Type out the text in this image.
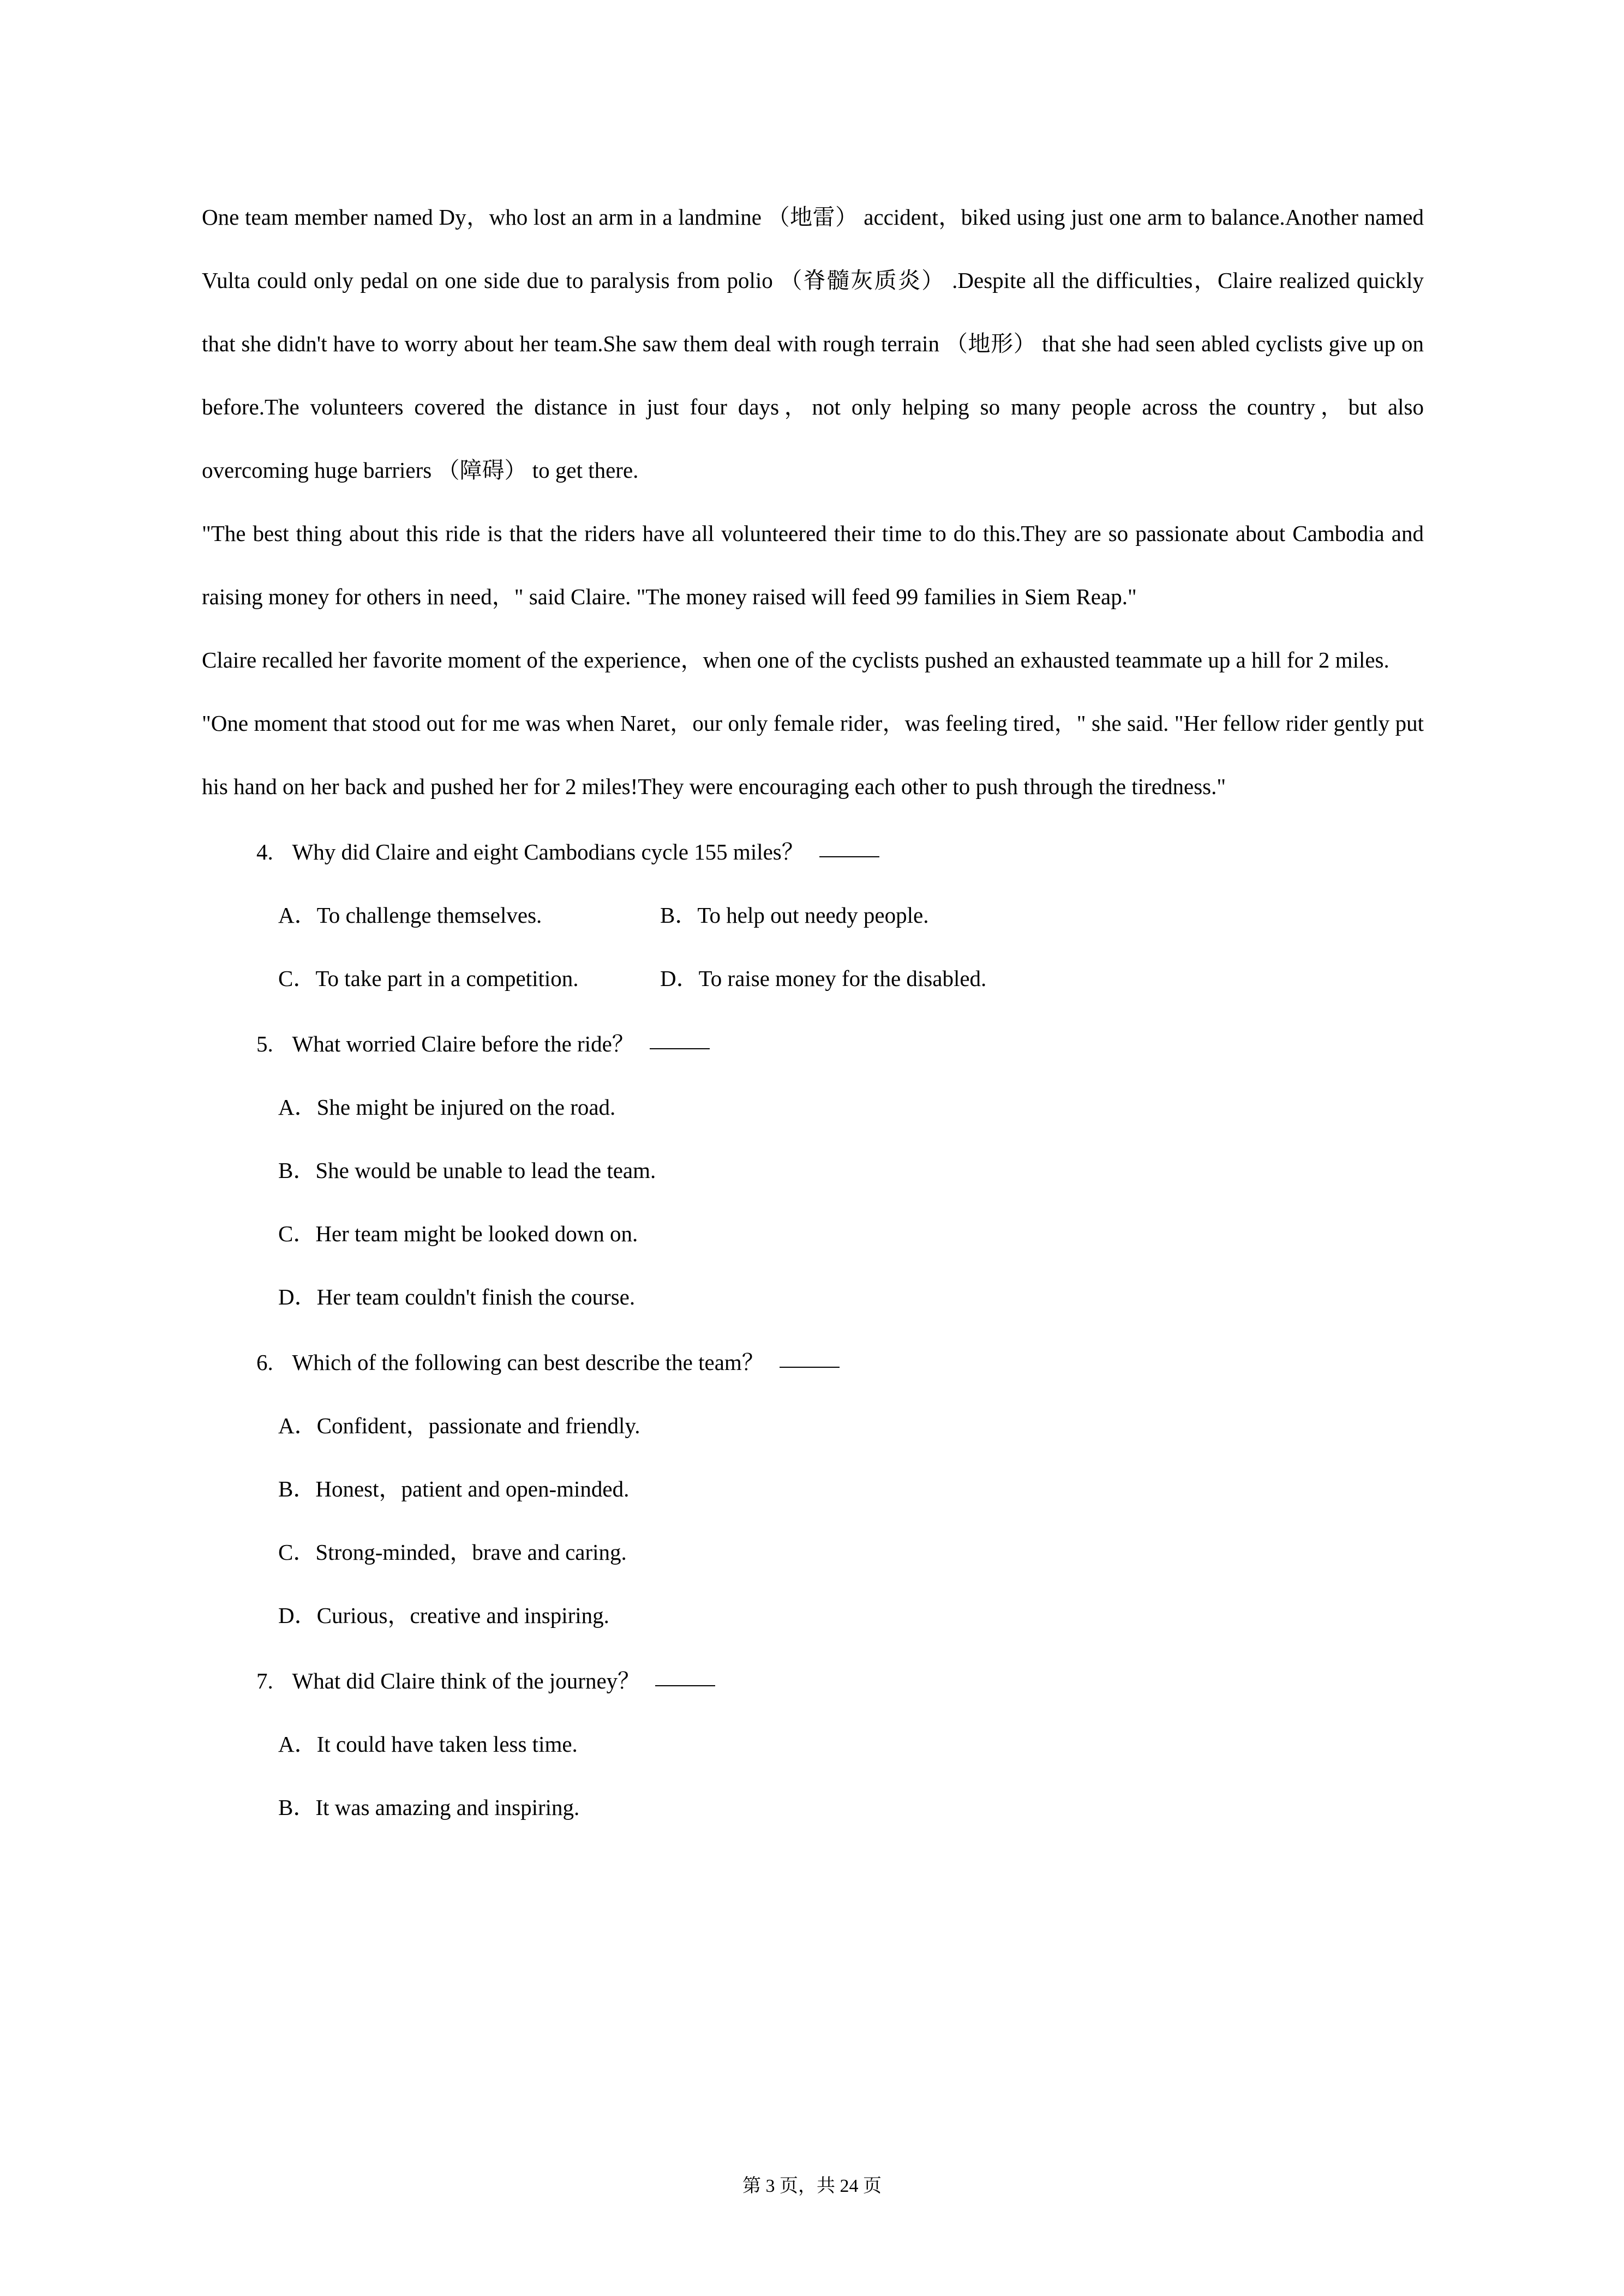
One team member named Dy，who lost an arm in a landmine （地雷） accident，biked using just one arm to balance.Another named Vulta could only pedal on one side due to paralysis from polio （脊髓灰质炎） .Despite all the difficulties，Claire realized quickly that she didn't have to worry about her team.She saw them deal with rough terrain （地形） that she had seen abled cyclists give up on before.The volunteers covered the distance in just four days，not only helping so many people across the country，but also overcoming huge barriers （障碍） to get there.

"The best thing about this ride is that the riders have all volunteered their time to do this.They are so passionate about Cambodia and raising money for others in need，" said Claire. "The money raised will feed 99 families in Siem Reap."

Claire recalled her favorite moment of the experience，when one of the cyclists pushed an exhausted teammate up a hill for 2 miles.

"One moment that stood out for me was when Naret，our only female rider，was feeling tired，" she said. "Her fellow rider gently put his hand on her back and pushed her for 2 miles!They were encouraging each other to push through the tiredness."

4. Why did Claire and eight Cambodians cycle 155 miles？

A．To challenge themselves.	B．To help out needy people.
C．To take part in a competition.	D．To raise money for the disabled.

5. What worried Claire before the ride？

A．She might be injured on the road.

B．She would be unable to lead the team.

C．Her team might be looked down on.

D．Her team couldn't finish the course.

6. Which of the following can best describe the team？

A．Confident，passionate and friendly.

B．Honest，patient and open-minded.

C．Strong-minded，brave and caring.

D．Curious，creative and inspiring.

7. What did Claire think of the journey？

A．It could have taken less time.

B．It was amazing and inspiring.

第 3 页，共 24 页
